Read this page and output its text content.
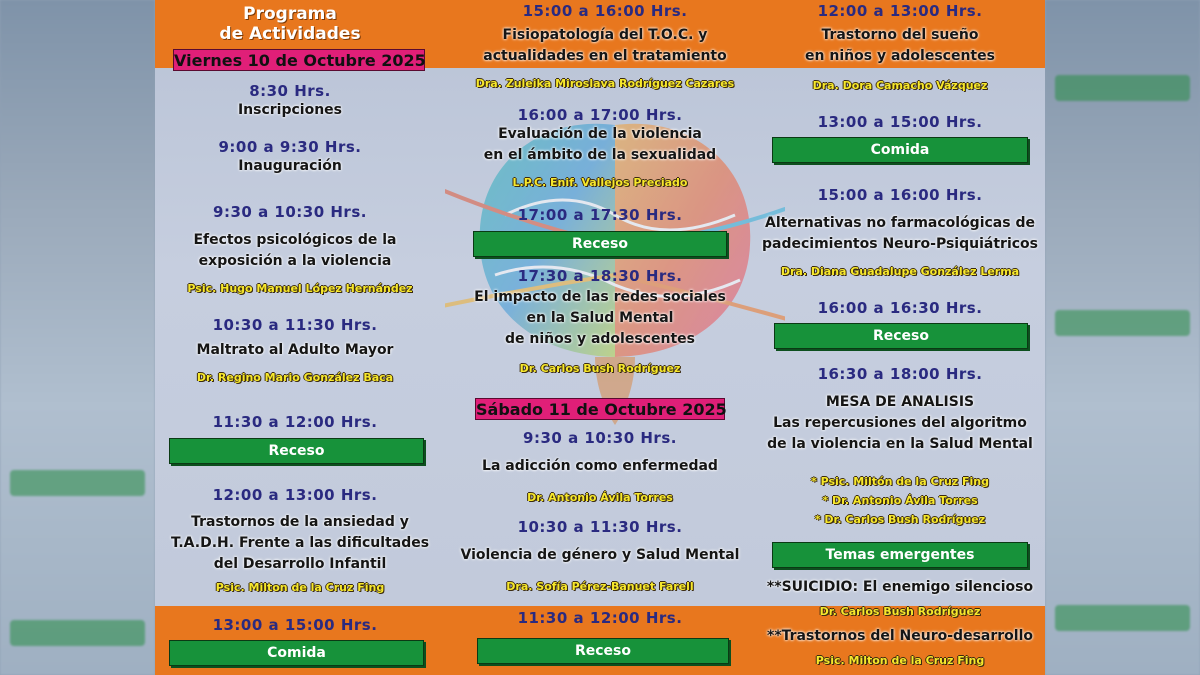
Programa
de Actividades
Viernes 10 de Octubre 2025
8:30 Hrs.
Inscripciones
9:00 a 9:30 Hrs.
Inauguración
9:30 a 10:30 Hrs.
Efectos psicológicos de la
exposición a la violencia
Psic. Hugo Manuel López Hernández
10:30 a 11:30 Hrs.
Maltrato al Adulto Mayor
Dr. Regino Mario González Baca
11:30 a 12:00 Hrs.
Receso
12:00 a 13:00 Hrs.
Trastornos de la ansiedad y
T.A.D.H. Frente a las dificultades
del Desarrollo Infantil
Psic. Milton de la Cruz Fing
13:00 a 15:00 Hrs.
Comida
15:00 a 16:00 Hrs.
Fisiopatología del T.O.C. y
actualidades en el tratamiento
Dra. Zuleika Miroslava Rodríguez Cazares
16:00 a 17:00 Hrs.
Evaluación de la violencia
en el ámbito de la sexualidad
L.P.C. Enif. Vallejos Preciado
17:00 a 17:30 Hrs.
Receso
17:30 a 18:30 Hrs.
El impacto de las redes sociales
en la Salud Mental
de niños y adolescentes
Dr. Carlos Bush Rodríguez
Sábado 11 de Octubre 2025
9:30 a 10:30 Hrs.
La adicción como enfermedad
Dr. Antonio Ávila Torres
10:30 a 11:30 Hrs.
Violencia de género y Salud Mental
Dra. Sofía Pérez-Banuet Farell
11:30 a 12:00 Hrs.
Receso
12:00 a 13:00 Hrs.
Trastorno del sueño
en niños y adolescentes
Dra. Dora Camacho Vázquez
13:00 a 15:00 Hrs.
Comida
15:00 a 16:00 Hrs.
Alternativas no farmacológicas de
padecimientos Neuro-Psiquiátricos
Dra. Diana Guadalupe González Lerma
16:00 a 16:30 Hrs.
Receso
16:30 a 18:00 Hrs.
MESA DE ANALISIS
Las repercusiones del algoritmo
de la violencia en la Salud Mental
* Psic. Miltón de la Cruz Fing
* Dr. Antonio Ávila Torres
* Dr. Carlos Bush Rodríguez
Temas emergentes
**SUICIDIO: El enemigo silencioso
Dr. Carlos Bush Rodríguez
**Trastornos del Neuro-desarrollo
Psic. Milton de la Cruz Fing
